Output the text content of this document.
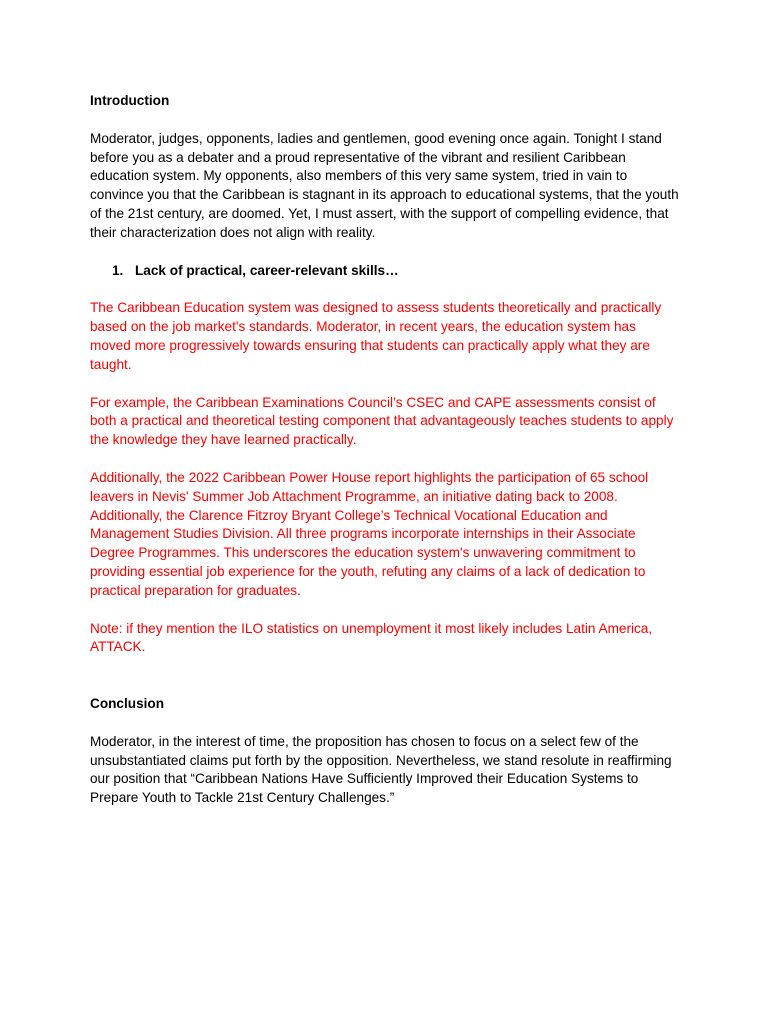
Introduction

Moderator, judges, opponents, ladies and gentlemen, good evening once again. Tonight I stand before you as a debater and a proud representative of the vibrant and resilient Caribbean education system. My opponents, also members of this very same system, tried in vain to convince you that the Caribbean is stagnant in its approach to educational systems, that the youth of the 21st century, are doomed. Yet, I must assert, with the support of compelling evidence, that their characterization does not align with reality.

1. Lack of practical, career-relevant skills…

The Caribbean Education system was designed to assess students theoretically and practically based on the job market's standards. Moderator, in recent years, the education system has moved more progressively towards ensuring that students can practically apply what they are taught.

For example, the Caribbean Examinations Council’s CSEC and CAPE assessments consist of both a practical and theoretical testing component that advantageously teaches students to apply the knowledge they have learned practically.

Additionally, the 2022 Caribbean Power House report highlights the participation of 65 school leavers in Nevis' Summer Job Attachment Programme, an initiative dating back to 2008. Additionally, the Clarence Fitzroy Bryant College’s Technical Vocational Education and Management Studies Division. All three programs incorporate internships in their Associate Degree Programmes. This underscores the education system's unwavering commitment to providing essential job experience for the youth, refuting any claims of a lack of dedication to practical preparation for graduates.

Note: if they mention the ILO statistics on unemployment it most likely includes Latin America, ATTACK.

Conclusion

Moderator, in the interest of time, the proposition has chosen to focus on a select few of the unsubstantiated claims put forth by the opposition. Nevertheless, we stand resolute in reaffirming our position that “Caribbean Nations Have Sufficiently Improved their Education Systems to Prepare Youth to Tackle 21st Century Challenges.”
